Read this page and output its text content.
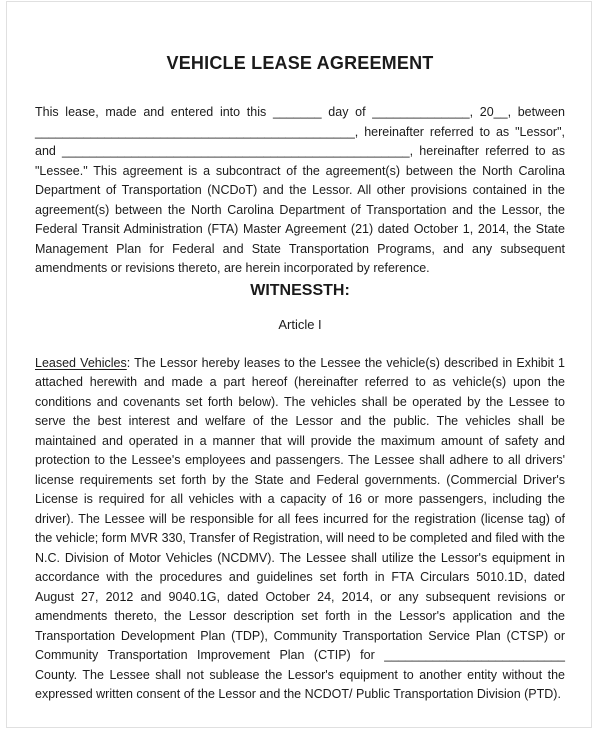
VEHICLE LEASE AGREEMENT

This lease, made and entered into this _______ day of ______________, 20__, between ______________________________________________, hereinafter referred to as "Lessor", and __________________________________________________, hereinafter referred to as "Lessee." This agreement is a subcontract of the agreement(s) between the North Carolina Department of Transportation (NCDoT) and the Lessor. All other provisions contained in the agreement(s) between the North Carolina Department of Transportation and the Lessor, the Federal Transit Administration (FTA) Master Agreement (21) dated October 1, 2014, the State Management Plan for Federal and State Transportation Programs, and any subsequent amendments or revisions thereto, are herein incorporated by reference.

WITNESSTH:
Article I

Leased Vehicles: The Lessor hereby leases to the Lessee the vehicle(s) described in Exhibit 1 attached herewith and made a part hereof (hereinafter referred to as vehicle(s) upon the conditions and covenants set forth below). The vehicles shall be operated by the Lessee to serve the best interest and welfare of the Lessor and the public. The vehicles shall be maintained and operated in a manner that will provide the maximum amount of safety and protection to the Lessee's employees and passengers. The Lessee shall adhere to all drivers' license requirements set forth by the State and Federal governments. (Commercial Driver's License is required for all vehicles with a capacity of 16 or more passengers, including the driver). The Lessee will be responsible for all fees incurred for the registration (license tag) of the vehicle; form MVR 330, Transfer of Registration, will need to be completed and filed with the N.C. Division of Motor Vehicles (NCDMV). The Lessee shall utilize the Lessor's equipment in accordance with the procedures and guidelines set forth in FTA Circulars 5010.1D, dated August 27, 2012 and 9040.1G, dated October 24, 2014, or any subsequent revisions or amendments thereto, the Lessor description set forth in the Lessor's application and the Transportation Development Plan (TDP), Community Transportation Service Plan (CTSP) or Community Transportation Improvement Plan (CTIP) for __________________________ County. The Lessee shall not sublease the Lessor's equipment to another entity without the expressed written consent of the Lessor and the NCDOT/ Public Transportation Division (PTD).
